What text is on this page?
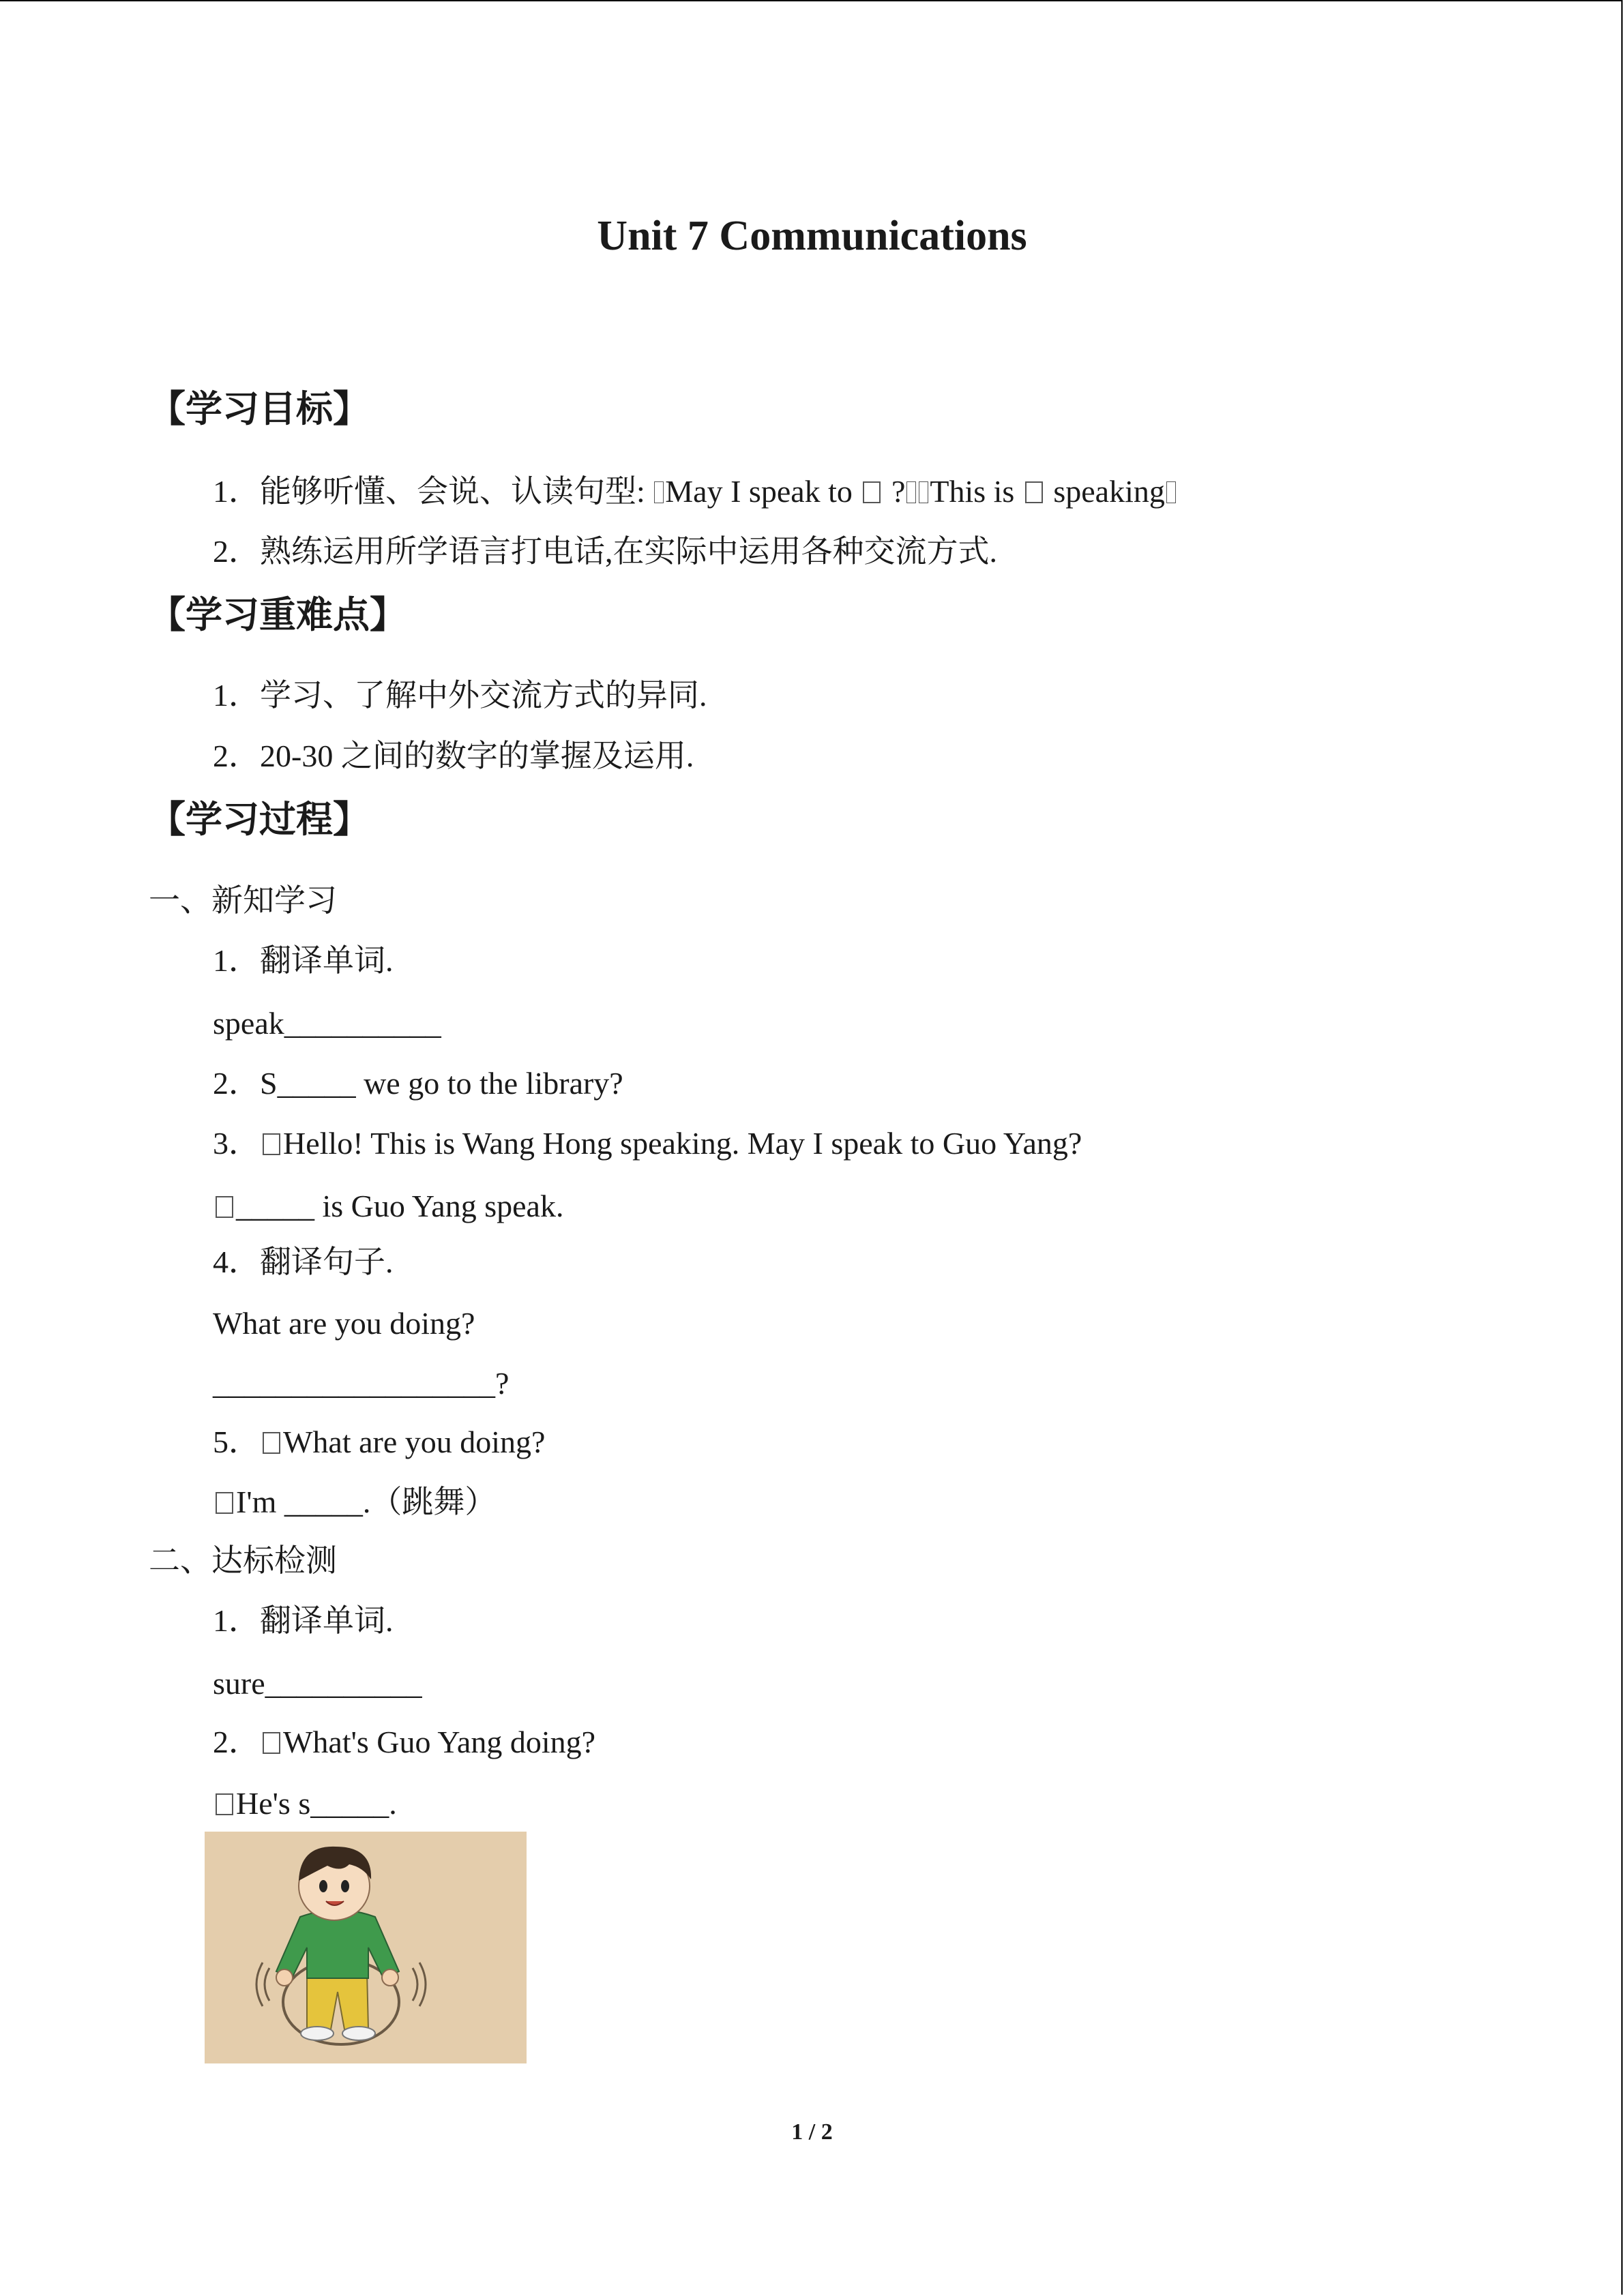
Unit 7 Communications
【学习目标】
1．能够听懂、会说、认读句型: May I speak to  ? This is  speaking
2．熟练运用所学语言打电话,在实际中运用各种交流方式.
【学习重难点】
1．学习、了解中外交流方式的异同.
2．20-30 之间的数字的掌握及运用.
【学习过程】
一、新知学习
1．翻译单词.
speak__________
2．S_____ we go to the library?
3． Hello! This is Wang Hong speaking. May I speak to Guo Yang?
_____ is Guo Yang speak.
4．翻译句子.
What are you doing?
__________________?
5． What are you doing?
I'm _____.（跳舞）
二、达标检测
1．翻译单词.
sure__________
2． What's Guo Yang doing?
He's s_____.
1 / 2
